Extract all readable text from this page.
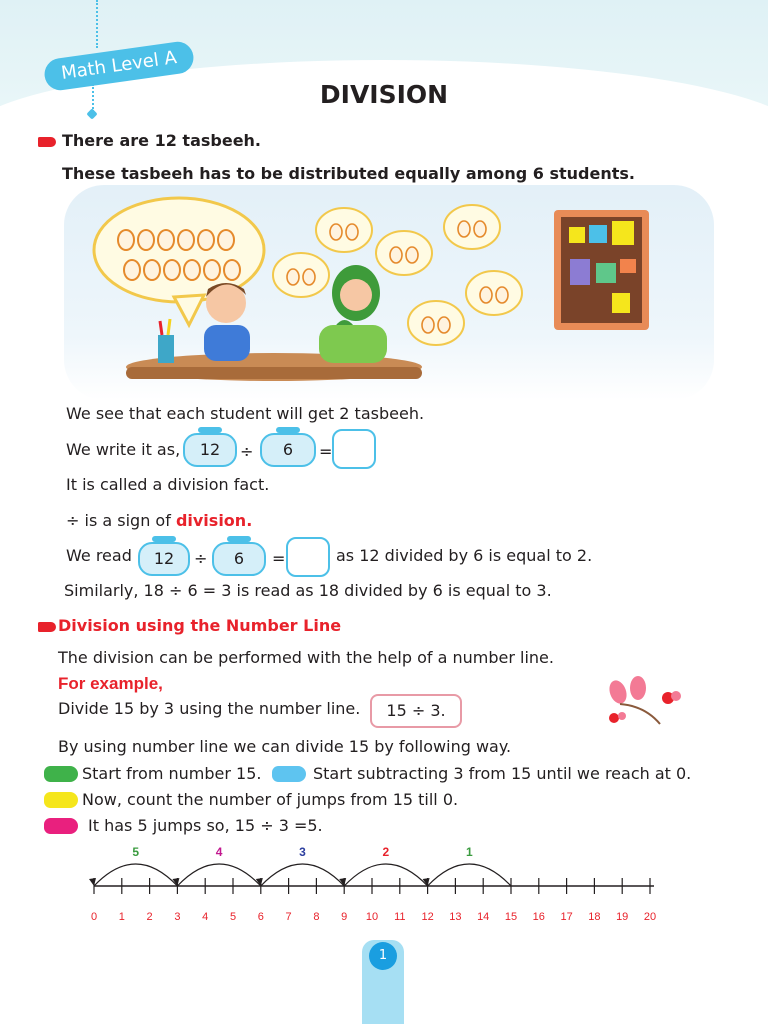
Math Level A
DIVISION
There are 12 tasbeeh.
These tasbeeh has to be distributed equally among 6 students.
We see that each student will get 2 tasbeeh.
We write it as,	12	÷	6	=
It is called a division fact.
÷ is a sign of division.
We read	12	÷	6	=	as 12 divided by 6 is equal to 2.
Similarly, 18 ÷ 6 = 3 is read as 18 divided by 6 is equal to 3.
Division using the Number Line
The division can be performed with the help of a number line.
For example,
Divide 15 by 3 using the number line.	15 ÷ 3.
By using number line we can divide 15 by following way.
Start from number 15.	Start subtracting 3 from 15 until we reach at 0.
Now, count the number of jumps from 15 till 0.
It has 5 jumps so, 15 ÷ 3 =5.
0 1 2 3 4 5 6 7 8 9 10 11 12 13 14 15 16 17 18 19 20
5	4	3	2	1
1
